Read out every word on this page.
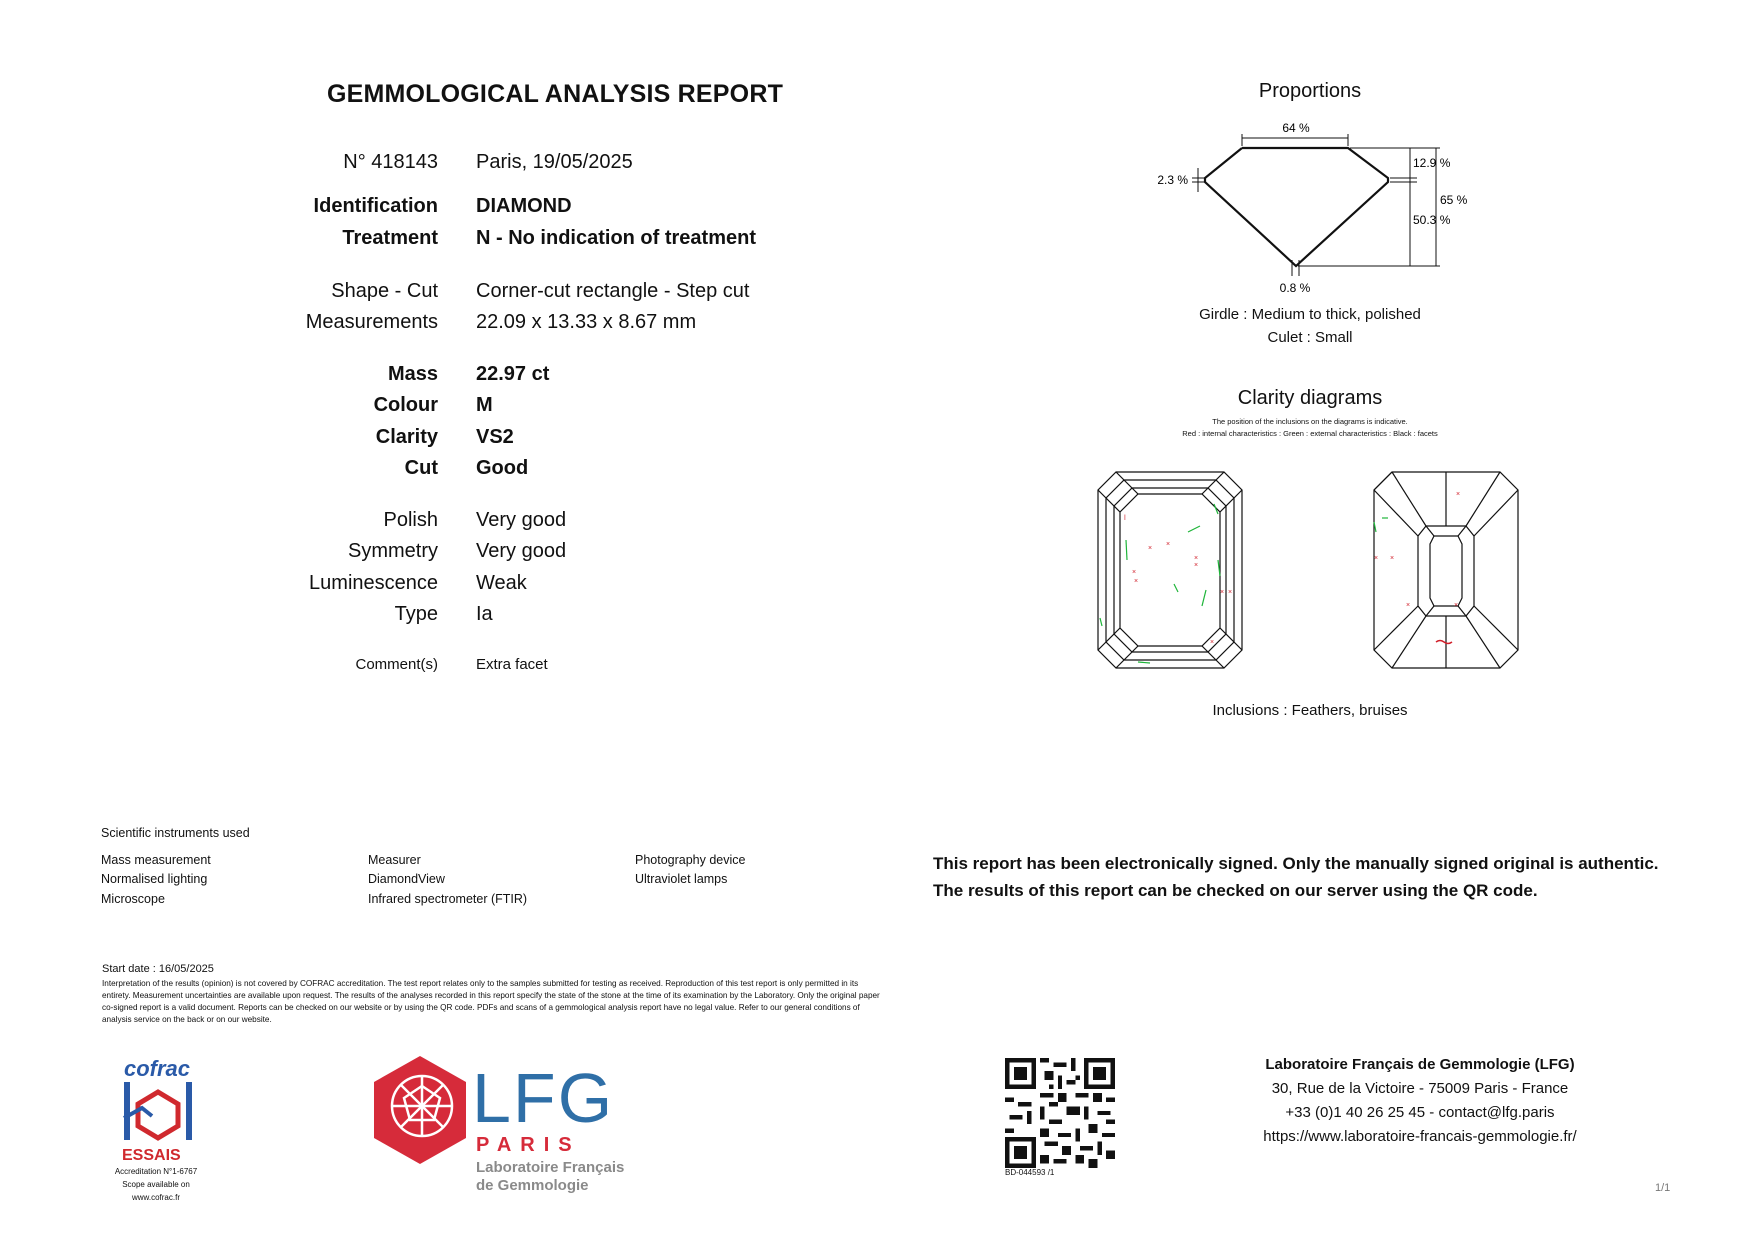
GEMMOLOGICAL ANALYSIS REPORT
N° 418143 Paris, 19/05/2025
Identification DIAMOND
Treatment N - No indication of treatment
Shape - Cut Corner-cut rectangle - Step cut
Measurements 22.09 x 13.33 x 8.67 mm
Mass 22.97 ct
Colour M
Clarity VS2
Cut Good
Polish Very good
Symmetry Very good
Luminescence Weak
Type Ia
Comment(s)	Extra facet
Proportions
64 %
2.3 %
12.9 %
50.3 %
65 %
0.8 %
Girdle : Medium to thick, polished
Culet : Small
Clarity diagrams
The position of the inclusions on the diagrams is indicative.
Red : internal characteristics : Green : external characteristics : Black : facets
×
×
×
×
×
×
× ×
×
ǀ
×
× ×
×	×
Inclusions : Feathers, bruises
Scientific instruments used
Mass measurement
Normalised lighting
Microscope
Measurer
DiamondView
Infrared spectrometer (FTIR)
Photography device
Ultraviolet lamps
This report has been electronically signed. Only the manually signed original is authentic.
The results of this report can be checked on our server using the QR code.
Start date : 16/05/2025
Interpretation of the results (opinion) is not covered by COFRAC accreditation. The test report relates only to the samples submitted for testing as received. Reproduction of this test report is only permitted in its entirety. Measurement uncertainties are available upon request. The results of the analyses recorded in this report specify the state of the stone at the time of its examination by the Laboratory. Only the original paper co-signed report is a valid document. Reports can be checked on our website or by using the QR code. PDFs and scans of a gemmological analysis report have no legal value. Refer to our general conditions of analysis service on the back or on our website.
cofrac
ESSAIS
Accreditation N°1-6767
Scope available on
www.cofrac.fr
LFG
PARIS
Laboratoire Français
de Gemmologie
BD-044593 /1
Laboratoire Français de Gemmologie (LFG)
30, Rue de la Victoire - 75009 Paris - France
+33 (0)1 40 26 25 45 - contact@lfg.paris
https://www.laboratoire-francais-gemmologie.fr/
1/1
